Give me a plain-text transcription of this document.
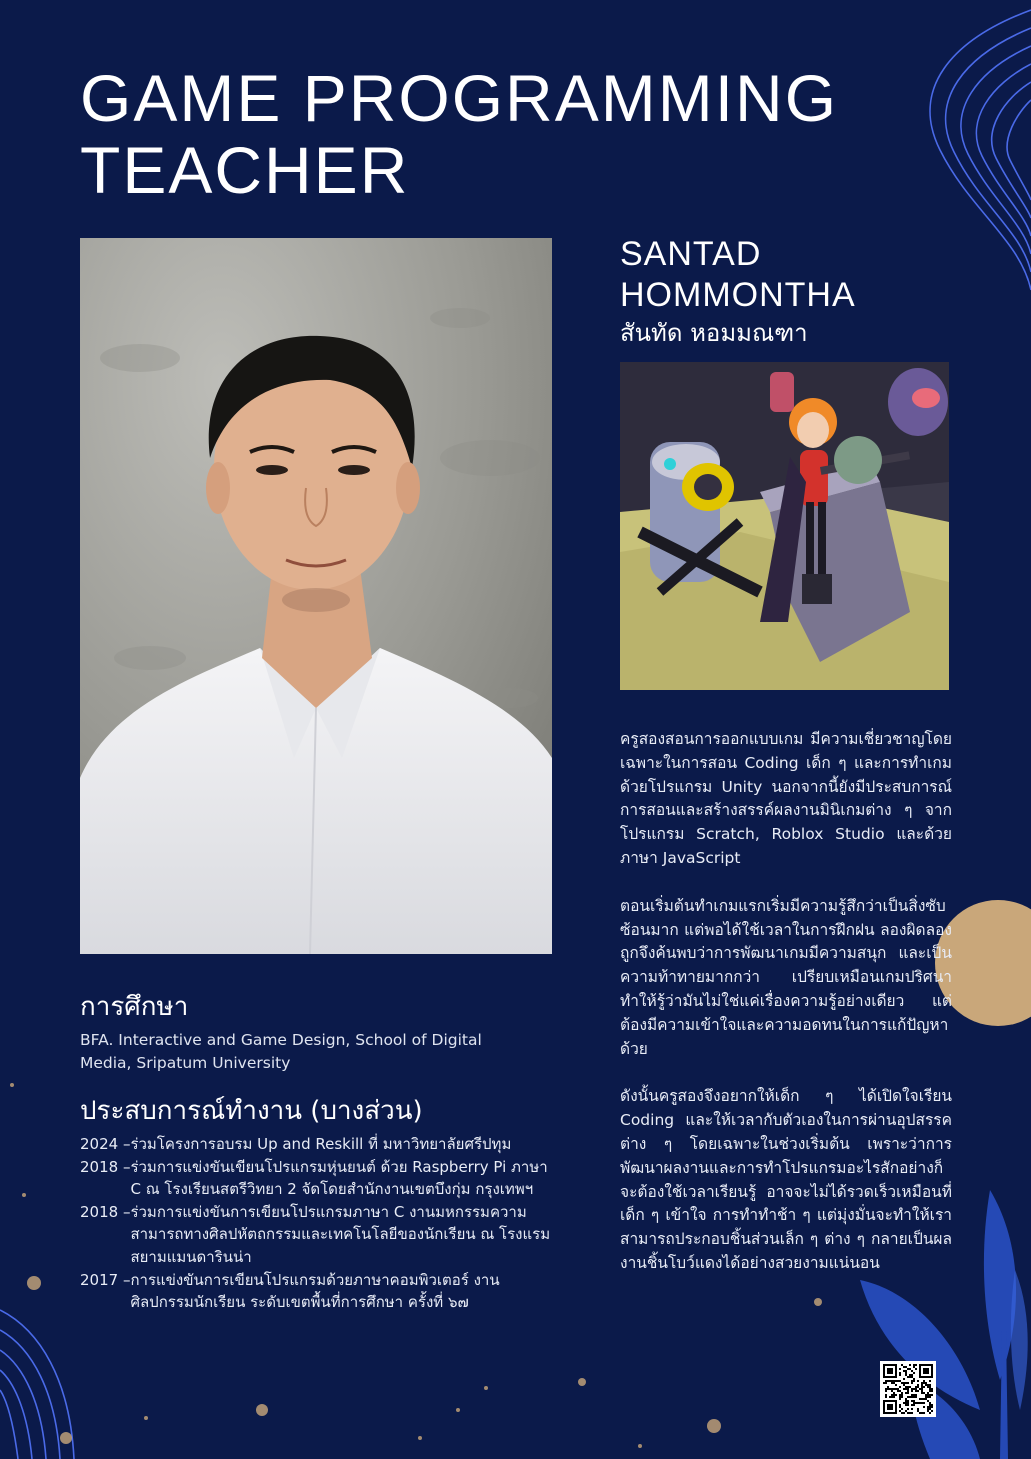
GAME PROGRAMMING
TEACHER
SANTAD
HOMMONTHA
สันทัด หอมมณฑา

ครูสองสอนการออกแบบเกม มีความเชี่ยวชาญโดยเฉพาะในการสอน Coding เด็ก ๆ และการทำเกมด้วยโปรแกรม Unity นอกจากนี้ยังมีประสบการณ์การสอนและสร้างสรรค์ผลงานมินิเกมต่าง ๆ จากโปรแกรม Scratch, Roblox Studio และด้วยภาษา JavaScript

ตอนเริ่มต้นทำเกมแรกเริ่มมีความรู้สึกว่าเป็นสิ่งซับซ้อนมาก แต่พอได้ใช้เวลาในการฝึกฝน ลองผิดลองถูกจึงค้นพบว่าการพัฒนาเกมมีความสนุก และเป็นความท้าทายมากกว่า เปรียบเหมือนเกมปริศนาทำให้รู้ว่ามันไม่ใช่แค่เรื่องความรู้อย่างเดียว แต่ต้องมีความเข้าใจและความอดทนในการแก้ปัญหาด้วย

ดังนั้นครูสองจึงอยากให้เด็ก ๆ ได้เปิดใจเรียน Coding และให้เวลากับตัวเองในการผ่านอุปสรรคต่าง ๆ โดยเฉพาะในช่วงเริ่มต้น เพราะว่าการพัฒนาผลงานและการทำโปรแกรมอะไรสักอย่างก็จะต้องใช้เวลาเรียนรู้ อาจจะไม่ได้รวดเร็วเหมือนที่เด็ก ๆ เข้าใจ การทำทำช้า ๆ แต่มุ่งมั่นจะทำให้เราสามารถประกอบชิ้นส่วนเล็ก ๆ ต่าง ๆ กลายเป็นผลงานชิ้นโบว์แดงได้อย่างสวยงามแน่นอน

การศึกษา
BFA. Interactive and Game Design, School of Digital Media, Sripatum University
ประสบการณ์ทำงาน (บางส่วน)
2024 – ร่วมโครงการอบรม Up and Reskill ที่ มหาวิทยาลัยศรีปทุม
2018 – ร่วมการแข่งขันเขียนโปรแกรมหุ่นยนต์ ด้วย Raspberry Pi ภาษา C ณ โรงเรียนสตรีวิทยา 2 จัดโดยสำนักงานเขตบึงกุ่ม กรุงเทพฯ
2018 – ร่วมการแข่งขันการเขียนโปรแกรมภาษา C งานมหกรรมความสามารถทางศิลปหัตถกรรมและเทคโนโลยีของนักเรียน ณ โรงแรมสยามแมนดารินน่า
2017 – การแข่งขันการเขียนโปรแกรมด้วยภาษาคอมพิวเตอร์ งานศิลปกรรมนักเรียน ระดับเขตพื้นที่การศึกษา ครั้งที่ ๖๗
